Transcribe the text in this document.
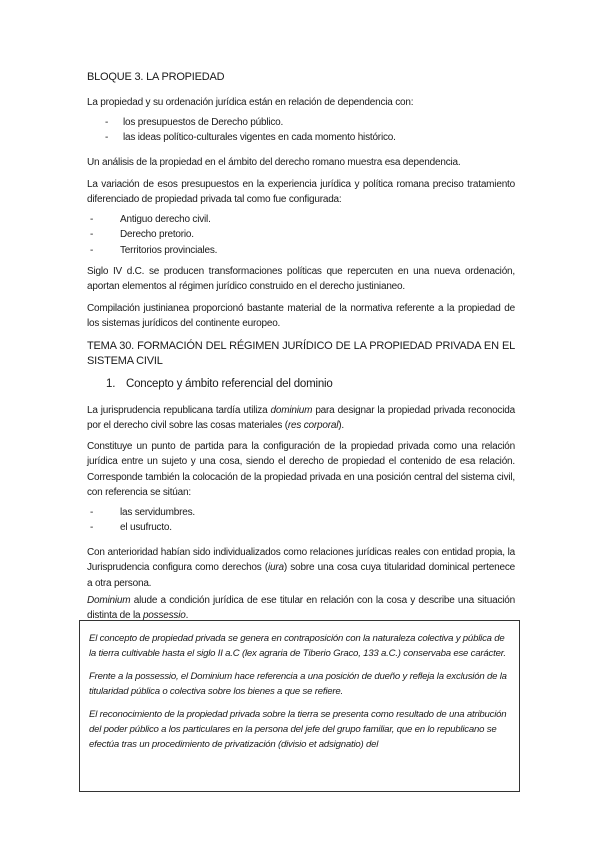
BLOQUE 3. LA PROPIEDAD
La propiedad y su ordenación jurídica están en relación de dependencia con:
- los presupuestos de Derecho público.
- las ideas político-culturales vigentes en cada momento histórico.
Un análisis de la propiedad en el ámbito del derecho romano muestra esa dependencia.
La variación de esos presupuestos en la experiencia jurídica y política romana preciso tratamiento diferenciado de propiedad privada tal como fue configurada:
- Antiguo derecho civil.
- Derecho pretorio.
- Territorios provinciales.
Siglo IV d.C. se producen transformaciones políticas que repercuten en una nueva ordenación, aportan elementos al régimen jurídico construido en el derecho justinianeo.
Compilación justinianea proporcionó bastante material de la normativa referente a la propiedad de los sistemas jurídicos del continente europeo.
TEMA 30. FORMACIÓN DEL RÉGIMEN JURÍDICO DE LA PROPIEDAD PRIVADA EN EL SISTEMA CIVIL
1. Concepto y ámbito referencial del dominio
La jurisprudencia republicana tardía utiliza dominium para designar la propiedad privada reconocida por el derecho civil sobre las cosas materiales (res corporal).
Constituye un punto de partida para la configuración de la propiedad privada como una relación jurídica entre un sujeto y una cosa, siendo el derecho de propiedad el contenido de esa relación. Corresponde también la colocación de la propiedad privada en una posición central del sistema civil, con referencia se sitúan:
- las servidumbres.
- el usufructo.
Con anterioridad habían sido individualizados como relaciones jurídicas reales con entidad propia, la Jurisprudencia configura como derechos (iura) sobre una cosa cuya titularidad dominical pertenece a otra persona.
Dominium alude a condición jurídica de ese titular en relación con la cosa y describe una situación distinta de la possessio.

El concepto de propiedad privada se genera en contraposición con la naturaleza colectiva y pública de la tierra cultivable hasta el siglo II a.C (lex agraria de Tiberio Graco, 133 a.C.) conservaba ese carácter.

Frente a la possessio, el Dominium hace referencia a una posición de dueño y refleja la exclusión de la titularidad pública o colectiva sobre los bienes a que se refiere.

El reconocimiento de la propiedad privada sobre la tierra se presenta como resultado de una atribución del poder público a los particulares en la persona del jefe del grupo familiar, que en lo republicano se efectúa tras un procedimiento de privatización (divisio et adsignatio) del
